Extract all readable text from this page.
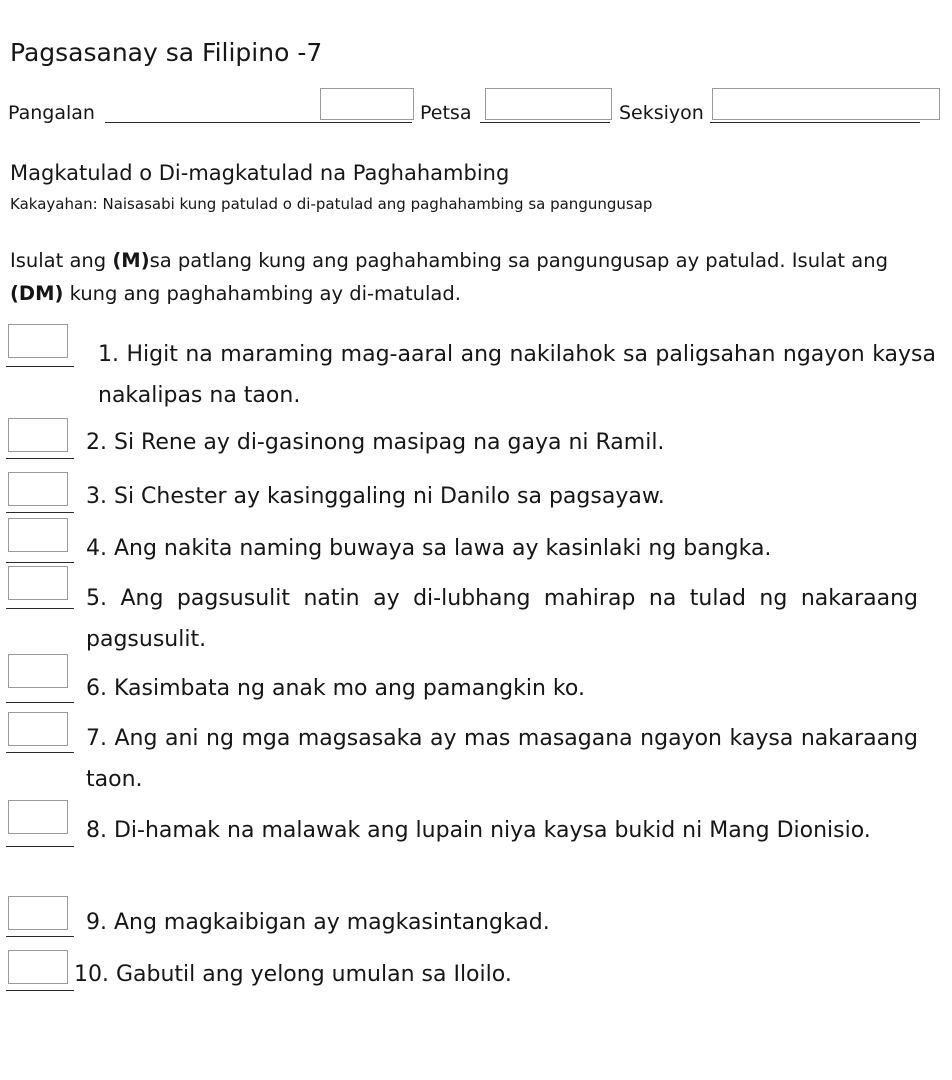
Pagsasanay sa Filipino -7
Pangalan	Petsa	Seksiyon
Magkatulad o Di-magkatulad na Paghahambing
Kakayahan: Naisasabi kung patulad o di-patulad ang paghahambing sa pangungusap
Isulat ang (M)sa patlang kung ang paghahambing sa pangungusap ay patulad. Isulat ang (DM) kung ang paghahambing ay di-matulad.
1. Higit na maraming mag-aaral ang nakilahok sa paligsahan ngayon kaysa nakalipas na taon.
2. Si Rene ay di-gasinong masipag na gaya ni Ramil.
3. Si Chester ay kasinggaling ni Danilo sa pagsayaw.
4. Ang nakita naming buwaya sa lawa ay kasinlaki ng bangka.
5. Ang pagsusulit natin ay di-lubhang mahirap na tulad ng nakaraang pagsusulit.
6. Kasimbata ng anak mo ang pamangkin ko.
7. Ang ani ng mga magsasaka ay mas masagana ngayon kaysa nakaraang taon.
8. Di-hamak na malawak ang lupain niya kaysa bukid ni Mang Dionisio.
9. Ang magkaibigan ay magkasintangkad.
10. Gabutil ang yelong umulan sa Iloilo.
